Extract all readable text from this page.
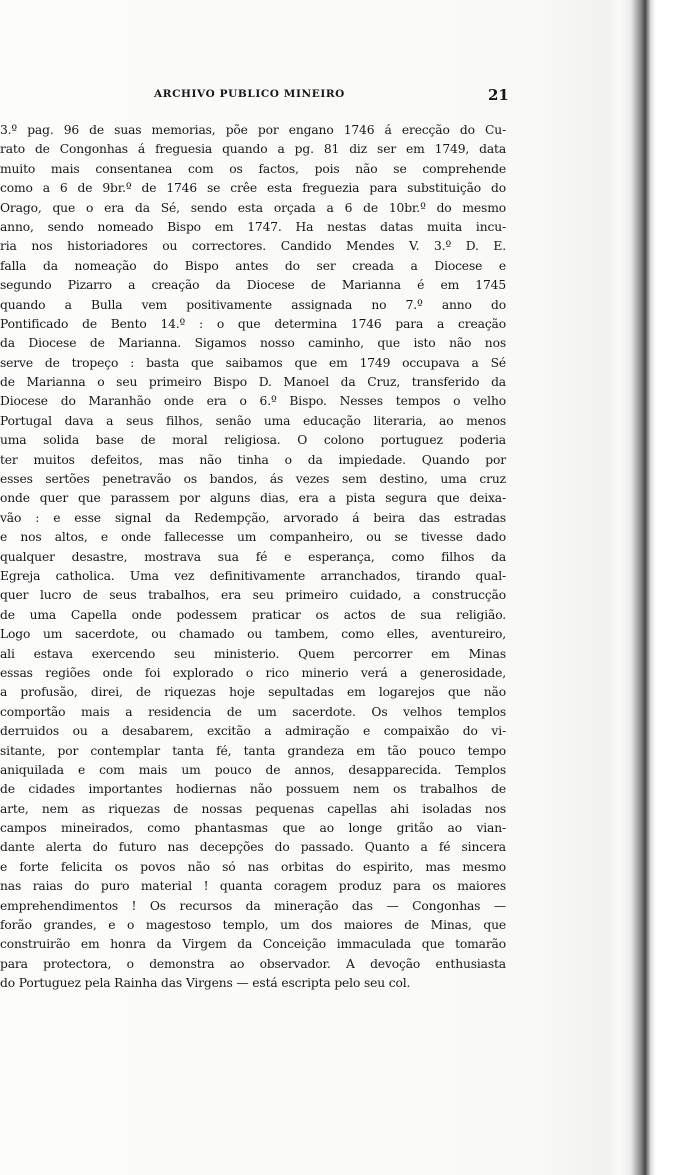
ARCHIVO PUBLICO MINEIRO	21
3.º pag. 96 de suas memorias, põe por engano 1746 á erecção do Cu-
rato de Congonhas á freguesia quando a pg. 81 diz ser em 1749, data
muito mais consentanea com os factos, pois não se comprehende
como a 6 de 9br.º de 1746 se crêe esta freguezia para substituição do
Orago, que o era da Sé, sendo esta orçada a 6 de 10br.º do mesmo
anno, sendo nomeado Bispo em 1747. Ha nestas datas muita incu-
ria nos historiadores ou correctores. Candido Mendes V. 3.º D. E.
falla da nomeação do Bispo antes do ser creada a Diocese e
segundo Pizarro a creação da Diocese de Marianna é em 1745
quando a Bulla vem positivamente assignada no 7.º anno do
Pontificado de Bento 14.º : o que determina 1746 para a creação
da Diocese de Marianna. Sigamos nosso caminho, que isto não nos
serve de tropeço : basta que saibamos que em 1749 occupava a Sé
de Marianna o seu primeiro Bispo D. Manoel da Cruz, transferido da
Diocese do Maranhão onde era o 6.º Bispo. Nesses tempos o velho
Portugal dava a seus filhos, senão uma educação literaria, ao menos
uma solida base de moral religiosa. O colono portuguez poderia
ter muitos defeitos, mas não tinha o da impiedade. Quando por
esses sertões penetravão os bandos, ás vezes sem destino, uma cruz
onde quer que parassem por alguns dias, era a pista segura que deixa-
vão : e esse signal da Redempção, arvorado á beira das estradas
e nos altos, e onde fallecesse um companheiro, ou se tivesse dado
qualquer desastre, mostrava sua fé e esperança, como filhos da
Egreja catholica. Uma vez definitivamente arranchados, tirando qual-
quer lucro de seus trabalhos, era seu primeiro cuidado, a construcção
de uma Capella onde podessem praticar os actos de sua religião.
Logo um sacerdote, ou chamado ou tambem, como elles, aventureiro,
ali estava exercendo seu ministerio. Quem percorrer em Minas
essas regiões onde foi explorado o rico minerio verá a generosidade,
a profusão, direi, de riquezas hoje sepultadas em logarejos que não
comportão mais a residencia de um sacerdote. Os velhos templos
derruidos ou a desabarem, excitão a admiração e compaixão do vi-
sitante, por contemplar tanta fé, tanta grandeza em tão pouco tempo
aniquilada e com mais um pouco de annos, desapparecida. Templos
de cidades importantes hodiernas não possuem nem os trabalhos de
arte, nem as riquezas de nossas pequenas capellas ahi isoladas nos
campos mineirados, como phantasmas que ao longe gritão ao vian-
dante alerta do futuro nas decepções do passado. Quanto a fé sincera
e forte felicita os povos não só nas orbitas do espirito, mas mesmo
nas raias do puro material ! quanta coragem produz para os maiores
emprehendimentos ! Os recursos da mineração das — Congonhas —
forão grandes, e o magestoso templo, um dos maiores de Minas, que
construirão em honra da Virgem da Conceição immaculada que tomarão
para protectora, o demonstra ao observador. A devoção enthusiasta
do Portuguez pela Rainha das Virgens — está escripta pelo seu col.
